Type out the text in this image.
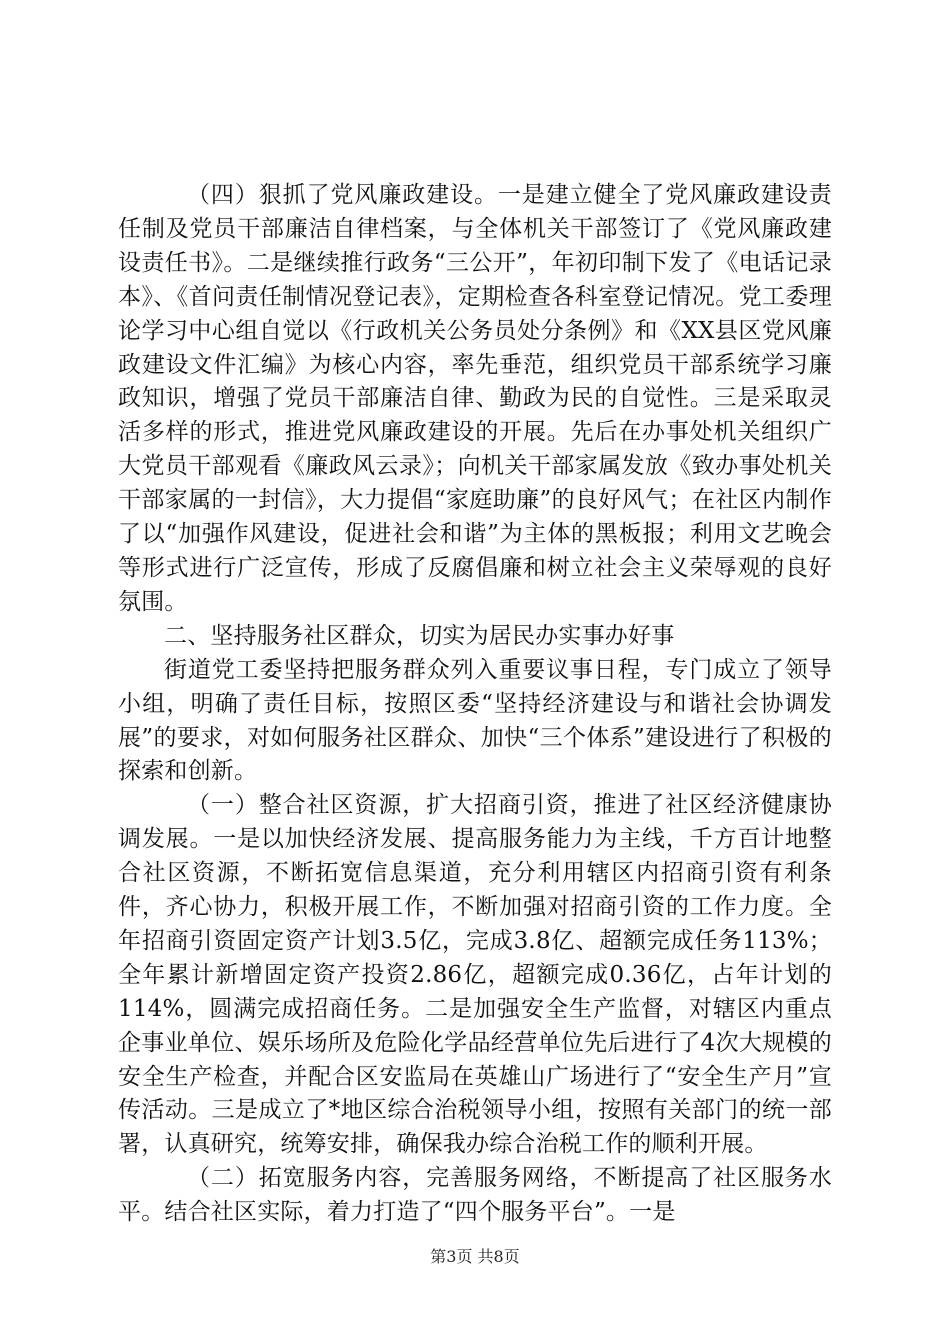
（四）狠抓了党风廉政建设。一是建立健全了党风廉政建设责任制及党员干部廉洁自律档案，与全体机关干部签订了《党风廉政建设责任书》。二是继续推行政务“三公开”，年初印制下发了《电话记录本》、《首问责任制情况登记表》，定期检查各科室登记情况。党工委理论学习中心组自觉以《行政机关公务员处分条例》和《XX县区党风廉政建设文件汇编》为核心内容，率先垂范，组织党员干部系统学习廉政知识，增强了党员干部廉洁自律、勤政为民的自觉性。三是采取灵活多样的形式，推进党风廉政建设的开展。先后在办事处机关组织广大党员干部观看《廉政风云录》；向机关干部家属发放《致办事处机关干部家属的一封信》，大力提倡“家庭助廉”的良好风气；在社区内制作了以“加强作风建设，促进社会和谐”为主体的黑板报；利用文艺晚会等形式进行广泛宣传，形成了反腐倡廉和树立社会主义荣辱观的良好氛围。

二、坚持服务社区群众，切实为居民办实事办好事

街道党工委坚持把服务群众列入重要议事日程，专门成立了领导小组，明确了责任目标，按照区委“坚持经济建设与和谐社会协调发展”的要求，对如何服务社区群众、加快“三个体系”建设进行了积极的探索和创新。

（一）整合社区资源，扩大招商引资，推进了社区经济健康协调发展。一是以加快经济发展、提高服务能力为主线，千方百计地整合社区资源，不断拓宽信息渠道，充分利用辖区内招商引资有利条件，齐心协力，积极开展工作，不断加强对招商引资的工作力度。全年招商引资固定资产计划3.5亿，完成3.8亿、超额完成任务113%；全年累计新增固定资产投资2.86亿，超额完成0.36亿，占年计划的114%，圆满完成招商任务。二是加强安全生产监督，对辖区内重点企事业单位、娱乐场所及危险化学品经营单位先后进行了4次大规模的安全生产检查，并配合区安监局在英雄山广场进行了“安全生产月”宣传活动。三是成立了*地区综合治税领导小组，按照有关部门的统一部署，认真研究，统筹安排，确保我办综合治税工作的顺利开展。

（二）拓宽服务内容，完善服务网络，不断提高了社区服务水平。结合社区实际，着力打造了“四个服务平台”。一是

第3页 共8页
